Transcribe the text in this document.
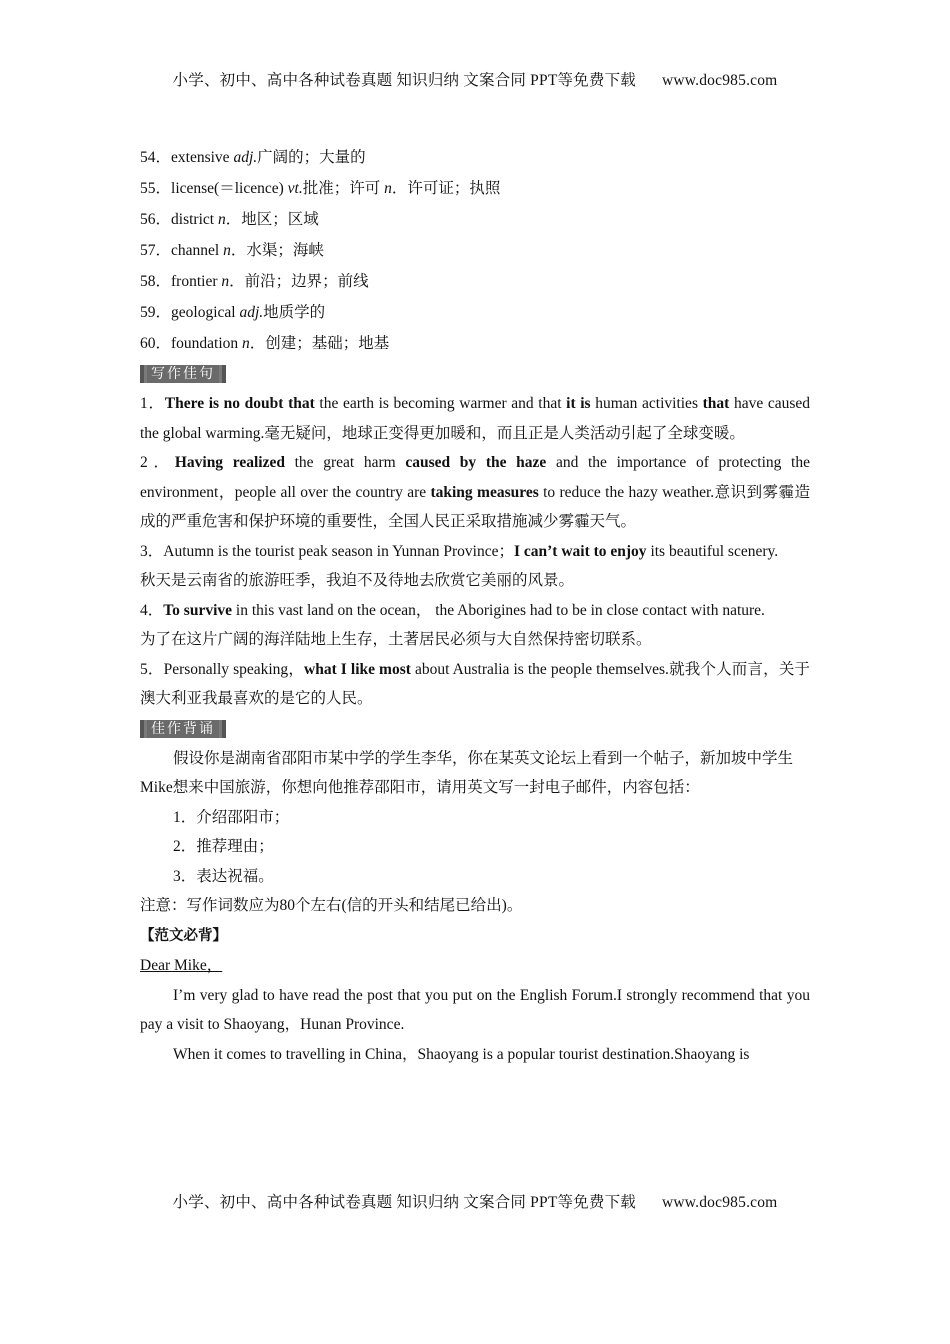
小学、初中、高中各种试卷真题 知识归纳 文案合同 PPT等免费下载 www.doc985.com

54．extensive adj.广阔的；大量的

55．license(＝licence) vt.批准；许可 n．许可证；执照

56．district n．地区；区域

57．channel n．水渠；海峡

58．frontier n．前沿；边界；前线

59．geological adj.地质学的

60．foundation n．创建；基础；地基

写作佳句

1．There is no doubt that the earth is becoming warmer and that it is human activities that have caused the global warming.毫无疑问，地球正变得更加暖和，而且正是人类活动引起了全球变暖。

2．Having realized the great harm caused by the haze and the importance of protecting the environment，people all over the country are taking measures to reduce the hazy weather.意识到雾霾造成的严重危害和保护环境的重要性，全国人民正采取措施减少雾霾天气。

3．Autumn is the tourist peak season in Yunnan Province；I can’t wait to enjoy its beautiful scenery.
秋天是云南省的旅游旺季，我迫不及待地去欣赏它美丽的风景。

4．To survive in this vast land on the ocean， the Aborigines had to be in close contact with nature.
为了在这片广阔的海洋陆地上生存，土著居民必须与大自然保持密切联系。

5．Personally speaking，what I like most about Australia is the people themselves.就我个人而言，关于澳大利亚我最喜欢的是它的人民。

佳作背诵

假设你是湖南省邵阳市某中学的学生李华，你在某英文论坛上看到一个帖子，新加坡中学生Mike想来中国旅游，你想向他推荐邵阳市，请用英文写一封电子邮件，内容包括：

1．介绍邵阳市；

2．推荐理由；

3．表达祝福。

注意：写作词数应为80个左右(信的开头和结尾已给出)。

【范文必背】

Dear Mike，

I’m very glad to have read the post that you put on the English Forum.I strongly recommend that you pay a visit to Shaoyang，Hunan Province.

When it comes to travelling in China，Shaoyang is a popular tourist destination.Shaoyang is

小学、初中、高中各种试卷真题 知识归纳 文案合同 PPT等免费下载 www.doc985.com
